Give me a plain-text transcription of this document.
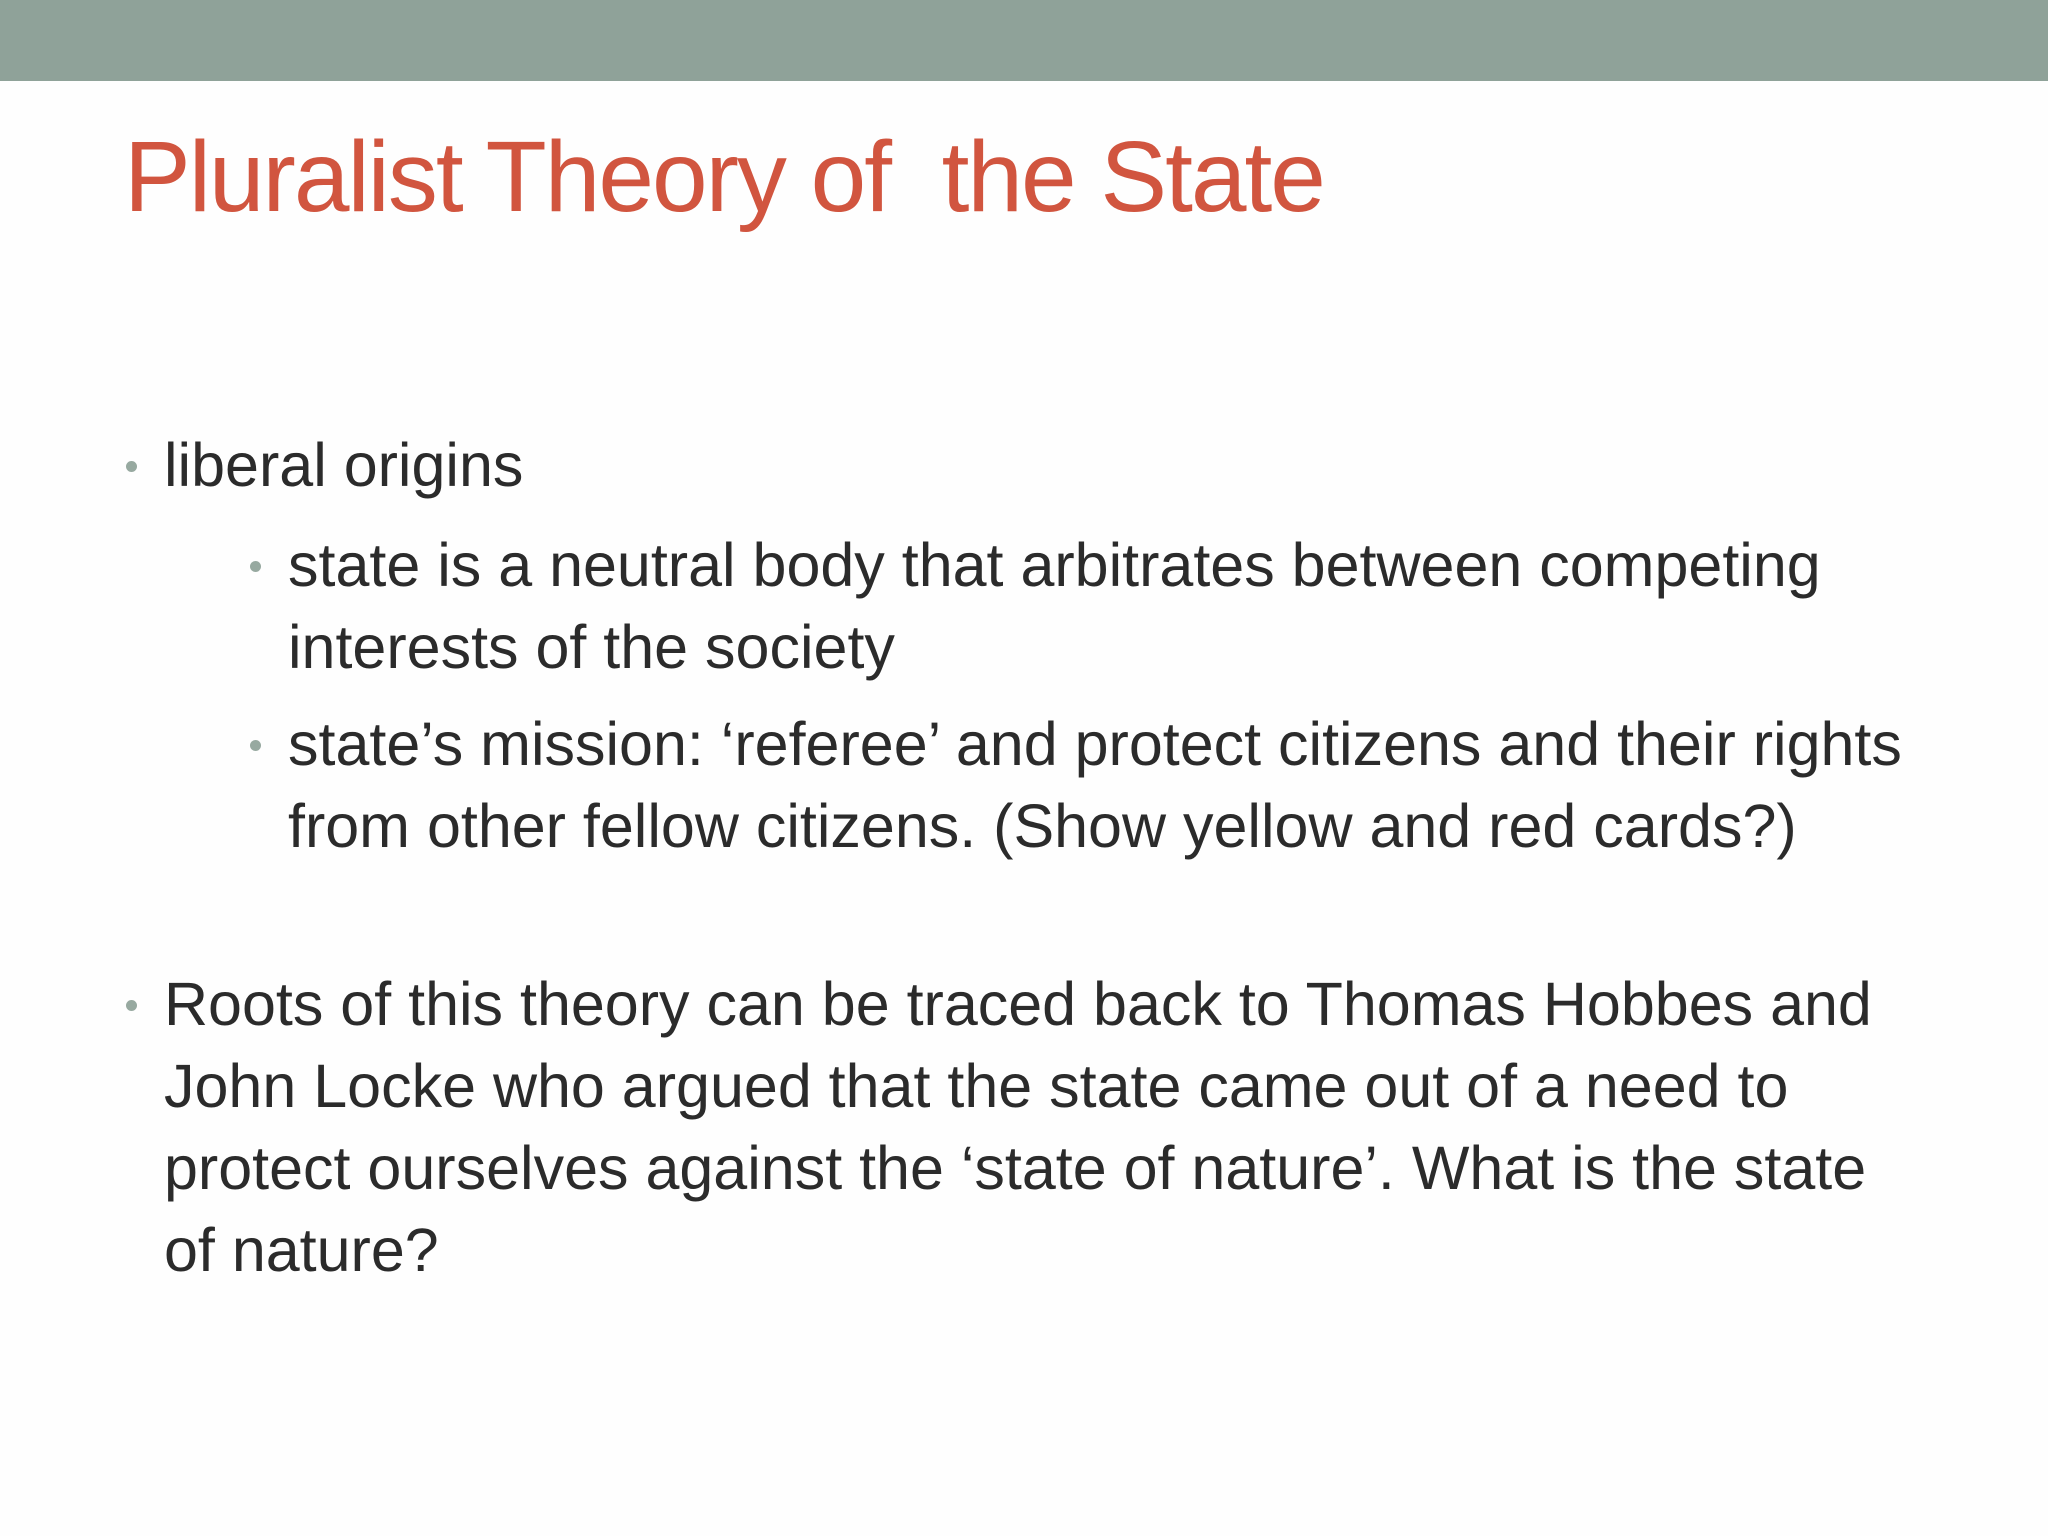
Pluralist Theory of  the State
liberal origins
state is a neutral body that arbitrates between competing interests of the society
state’s mission: ‘referee’ and protect citizens and their rights from other fellow citizens. (Show yellow and red cards?)
Roots of this theory can be traced back to Thomas Hobbes and John Locke who argued that the state came out of a need to protect ourselves against the ‘state of nature’. What is the state of nature?
